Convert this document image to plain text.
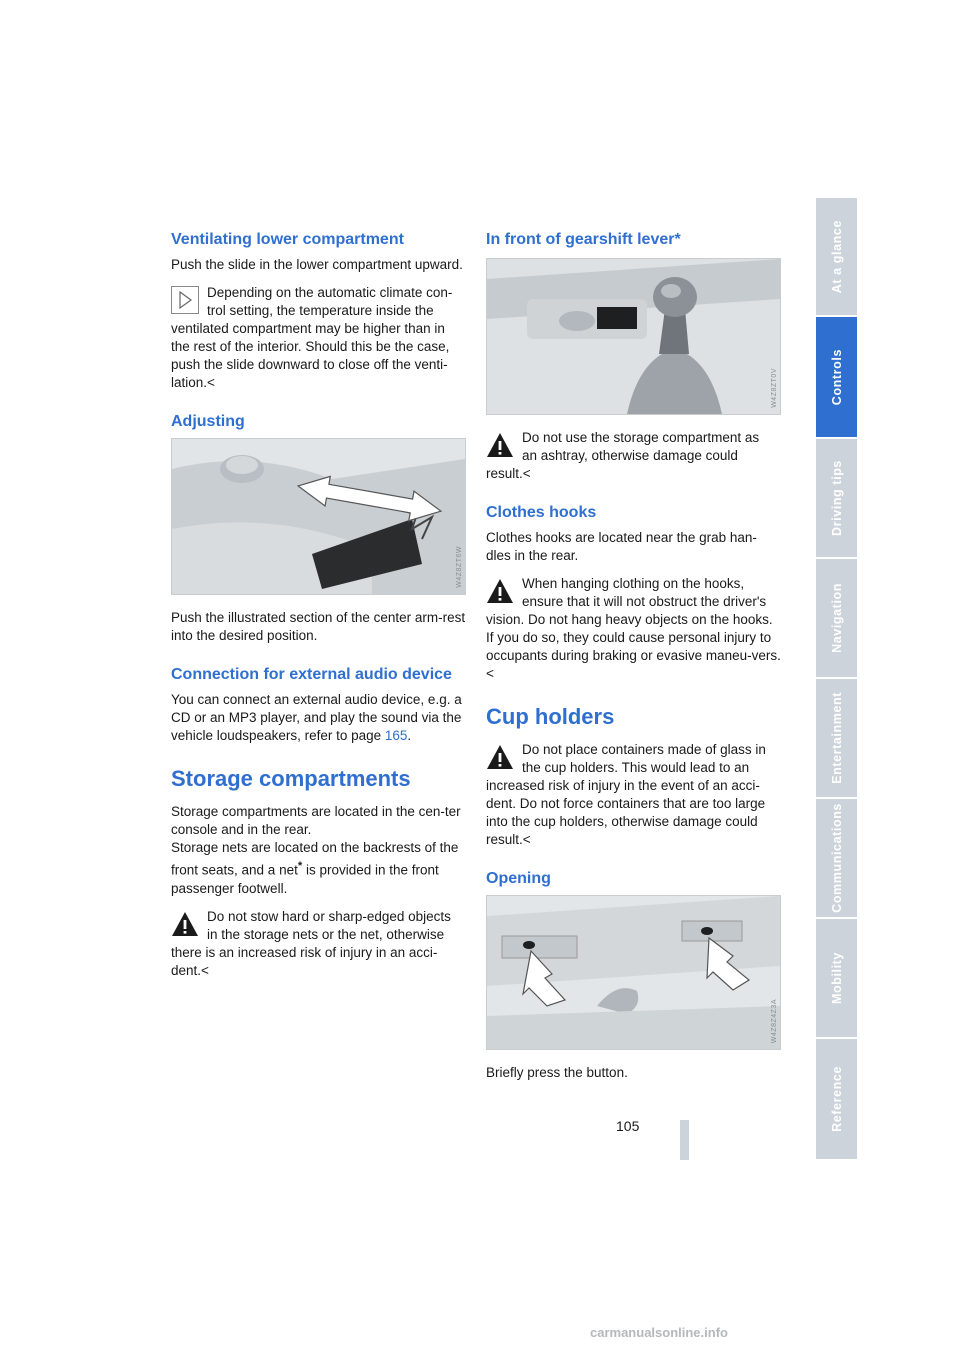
Ventilating lower compartment

Push the slide in the lower compartment upward.

Depending on the automatic climate con-
trol setting, the temperature inside the

ventilated compartment may be higher than in the rest of the interior. Should this be the case, push the slide downward to close off the venti-lation.<

Adjusting
W4Z8ZT6W

Push the illustrated section of the center arm-rest into the desired position.

Connection for external audio device

You can connect an external audio device, e.g. a CD or an MP3 player, and play the sound via the vehicle loudspeakers, refer to page 165.

Storage compartments

Storage compartments are located in the cen-ter console and in the rear.

Storage nets are located on the backrests of the front seats, and a net* is provided in the front passenger footwell.

Do not stow hard or sharp-edged objects
in the storage nets or the net, otherwise

there is an increased risk of injury in an acci-dent.<

In front of gearshift lever*
W4Z8ZT0V
Do not use the storage compartment as
an ashtray, otherwise damage could

result.<

Clothes hooks

Clothes hooks are located near the grab han-dles in the rear.

When hanging clothing on the hooks,
ensure that it will not obstruct the driver's

vision. Do not hang heavy objects on the hooks. If you do so, they could cause personal injury to occupants during braking or evasive maneu-vers.<

Cup holders
Do not place containers made of glass in
the cup holders. This would lead to an

increased risk of injury in the event of an acci-dent. Do not force containers that are too large into the cup holders, otherwise damage could result.<

Opening
W4Z8Z4Z3A

Briefly press the button.

At a glance
Controls
Driving tips
Navigation
Entertainment
Communications
Mobility
Reference
105
carmanualsonline.info
